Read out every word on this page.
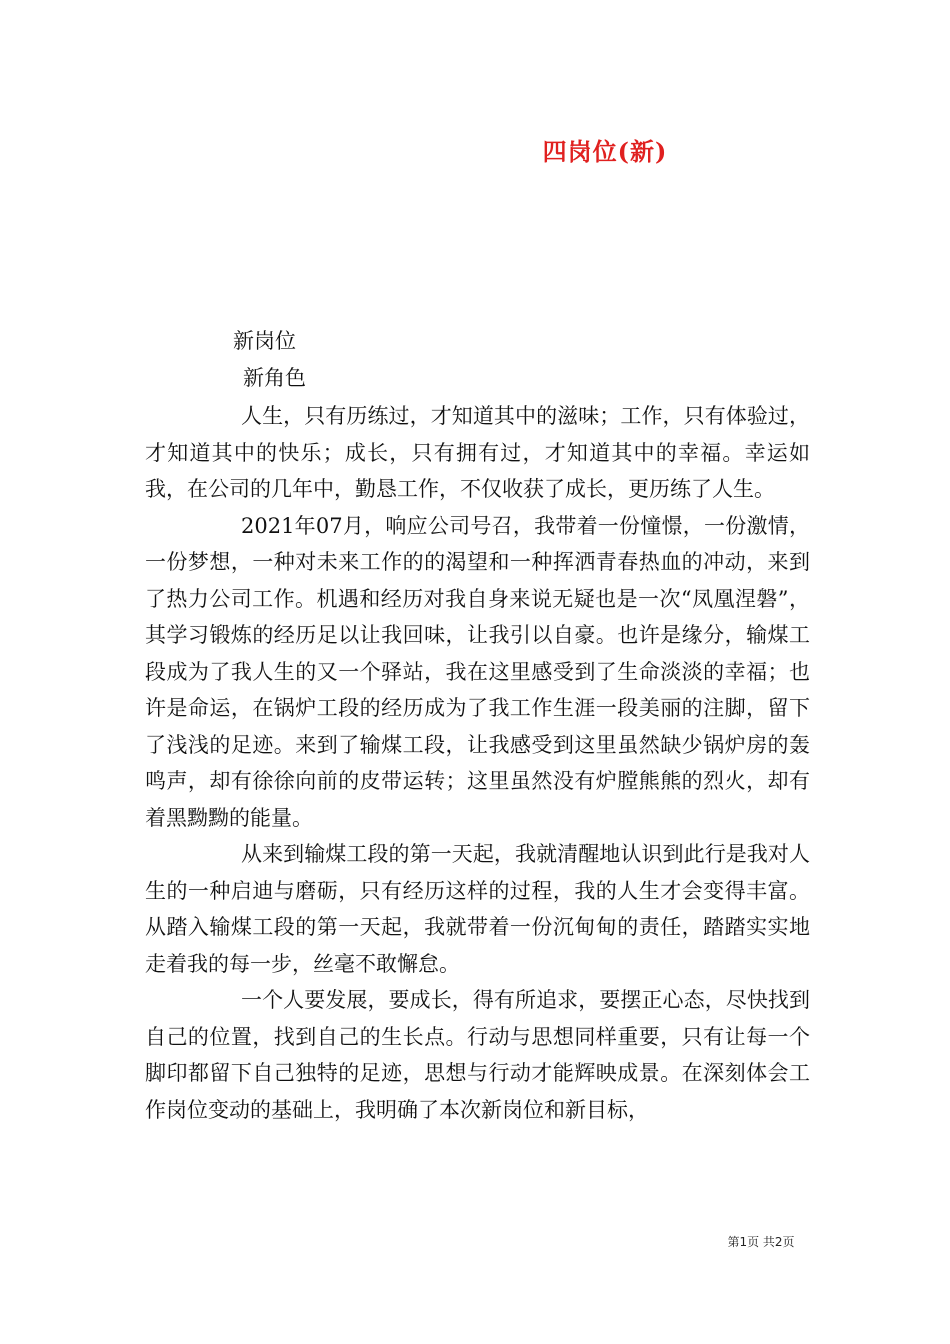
四岗位(新)
新岗位
新角色

人生，只有历练过，才知道其中的滋味；工作，只有体验过，才知道其中的快乐；成长，只有拥有过，才知道其中的幸福。幸运如我，在公司的几年中，勤恳工作，不仅收获了成长，更历练了人生。

2021年07月，响应公司号召，我带着一份憧憬，一份激情，一份梦想，一种对未来工作的的渴望和一种挥洒青春热血的冲动，来到了热力公司工作。机遇和经历对我自身来说无疑也是一次“凤凰涅磐”，其学习锻炼的经历足以让我回味，让我引以自豪。也许是缘分，输煤工段成为了我人生的又一个驿站，我在这里感受到了生命淡淡的幸福；也许是命运，在锅炉工段的经历成为了我工作生涯一段美丽的注脚，留下了浅浅的足迹。来到了输煤工段，让我感受到这里虽然缺少锅炉房的轰鸣声，却有徐徐向前的皮带运转；这里虽然没有炉膛熊熊的烈火，却有着黑黝黝的能量。

从来到输煤工段的第一天起，我就清醒地认识到此行是我对人生的一种启迪与磨砺，只有经历这样的过程，我的人生才会变得丰富。从踏入输煤工段的第一天起，我就带着一份沉甸甸的责任，踏踏实实地走着我的每一步，丝毫不敢懈怠。

一个人要发展，要成长，得有所追求，要摆正心态，尽快找到自己的位置，找到自己的生长点。行动与思想同样重要，只有让每一个脚印都留下自己独特的足迹，思想与行动才能辉映成景。在深刻体会工作岗位变动的基础上，我明确了本次新岗位和新目标，

第1页 共2页
